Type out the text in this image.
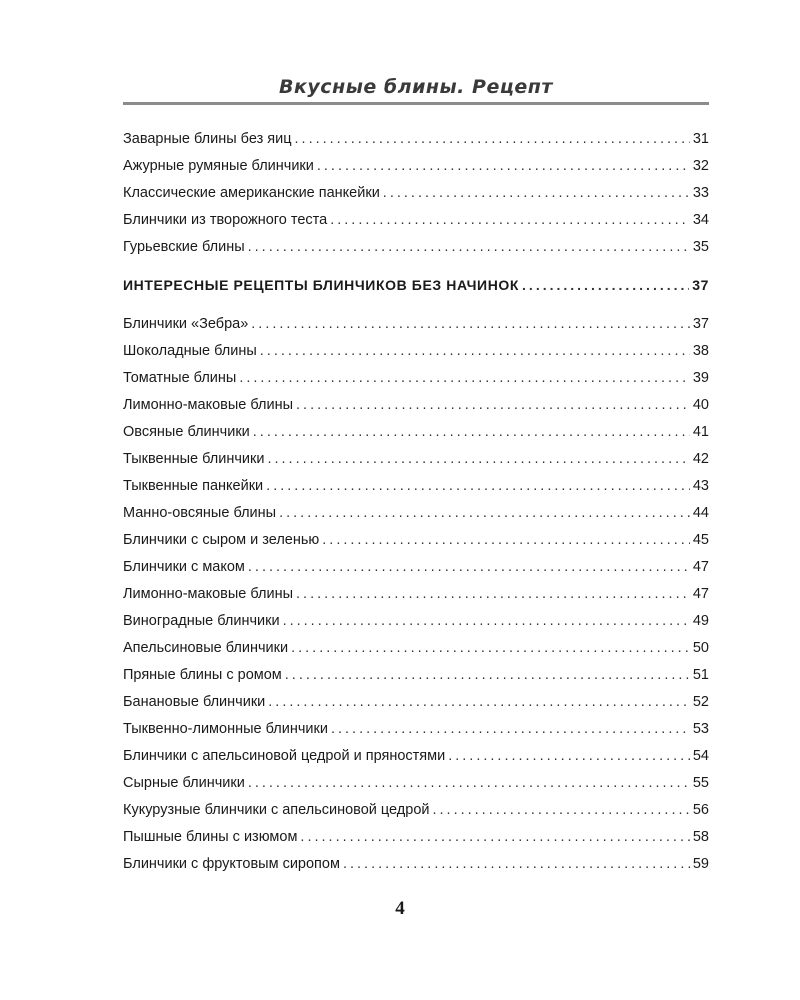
Вкусные блины. Рецепт
Заварные блины без яиц .....	31
Ажурные румяные блинчики .....	32
Классические американские панкейки .....	33
Блинчики из творожного теста .....	34
Гурьевские блины .....	35
ИНТЕРЕСНЫЕ РЕЦЕПТЫ БЛИНЧИКОВ БЕЗ НАЧИНОК .....	37
Блинчики «Зебра» .....	37
Шоколадные блины .....	38
Томатные блины .....	39
Лимонно-маковые блины .....	40
Овсяные блинчики .....	41
Тыквенные блинчики .....	42
Тыквенные панкейки .....	43
Манно-овсяные блины .....	44
Блинчики с сыром и зеленью .....	45
Блинчики с маком .....	47
Лимонно-маковые блины .....	47
Виноградные блинчики .....	49
Апельсиновые блинчики .....	50
Пряные блины с ромом .....	51
Банановые блинчики .....	52
Тыквенно-лимонные блинчики .....	53
Блинчики с апельсиновой цедрой и пряностями .....	54
Сырные блинчики .....	55
Кукурузные блинчики с апельсиновой цедрой .....	56
Пышные блины с изюмом .....	58
Блинчики с фруктовым сиропом .....	59
4
